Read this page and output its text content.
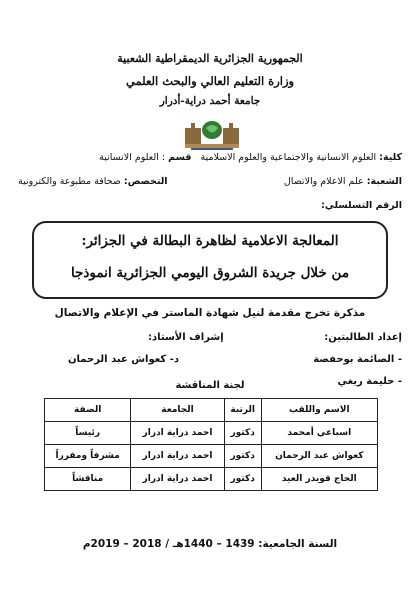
الجمهورية الجزائرية الديمقراطية الشعبية
وزارة التعليم العالي والبحث العلمي
جامعة أحمد دراية-أدرار
كلية: العلوم الانسانية والاجتماعية والعلوم الاسلامية قسم : العلوم الانسانية
الشعبة: علم الاعلام والاتصال
التخصص: صحافة مطبوعة والكترونية
الرقم التسلسلي:
المعالجة الاعلامية لظاهرة البطالة في الجزائر:
من خلال جريدة الشروق اليومي الجزائرية انموذجا
مذكرة تخرج مقدمة لنيل شهادة الماستر في الإعلام والاتصال
إعداد الطالبتين:
إشراف الأستاذ:
- الصائمة بوحفصة
د- كعواش عبد الرحمان
- حليمة ريغي
لجنة المناقشة
الاسم واللقب	الرتبة	الجامعة	الصفة
اسباعي أمحمد	دكتور	احمد دراية ادرار	رئيساً
كعواش عبد الرحمان	دكتور	احمد دراية ادرار	مشرفاً ومقرراً
الحاج قويدر العيد	دكتور	احمد دراية ادرار	مناقشاً
السنة الجامعية: 1439 – 1440هـ / 2018 – 2019م
